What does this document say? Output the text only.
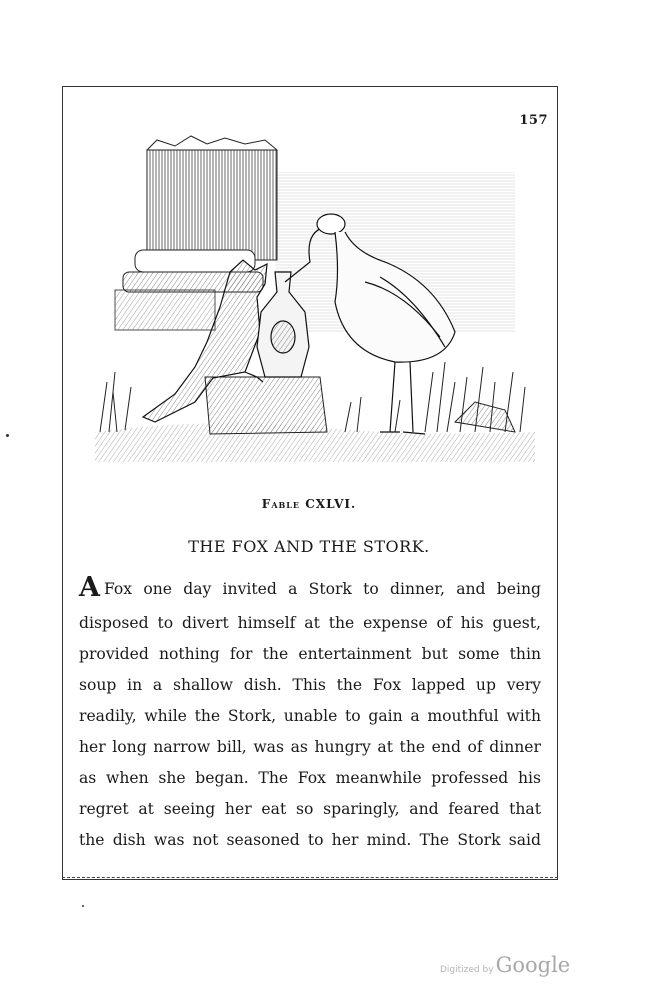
157
Fable CXLVI.
THE FOX AND THE STORK.
A Fox one day invited a Stork to dinner, and being
disposed to divert himself at the expense of his guest,
provided nothing for the entertainment but some thin
soup in a shallow dish. This the Fox lapped up very
readily, while the Stork, unable to gain a mouthful with
her long narrow bill, was as hungry at the end of dinner
as when she began. The Fox meanwhile professed his
regret at seeing her eat so sparingly, and feared that
the dish was not seasoned to her mind. The Stork said
Digitized byGoogle
